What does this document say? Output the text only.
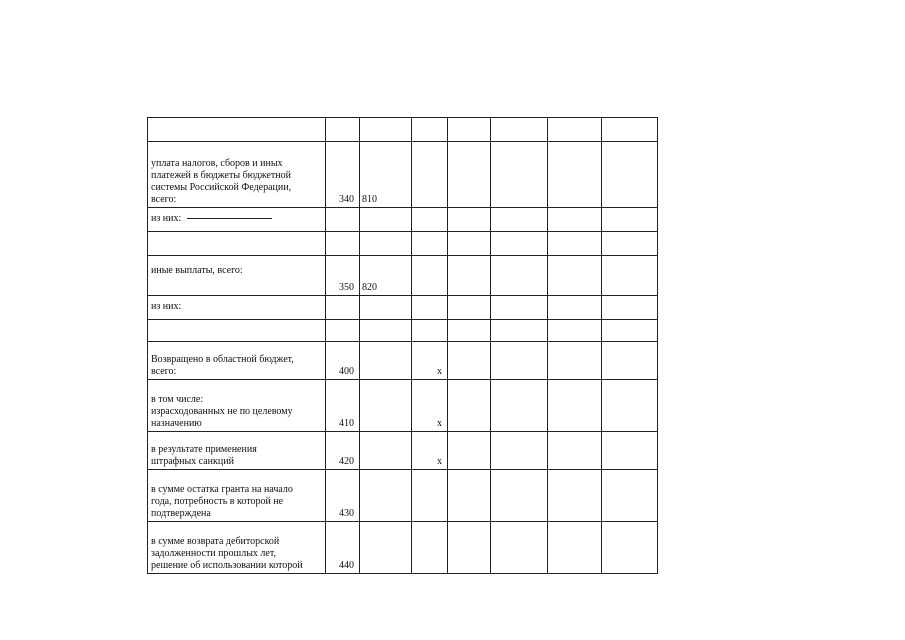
уплата налогов, сборов и иных
платежей в бюджеты бюджетной
системы Российской Федерации,
всего:	340	810					
из них:							

иные выплаты, всего:	350	820					
из них:							

Возвращено в областной бюджет,
всего:	400		x				

в том числе:
израсходованных не по целевому
назначению	410		x				

в результате применения
штрафных санкций	420		x				

в сумме остатка гранта на начало
года, потребность в которой не
подтверждена	430						

в сумме возврата дебиторской
задолженности прошлых лет,
решение об использовании которой	440						
